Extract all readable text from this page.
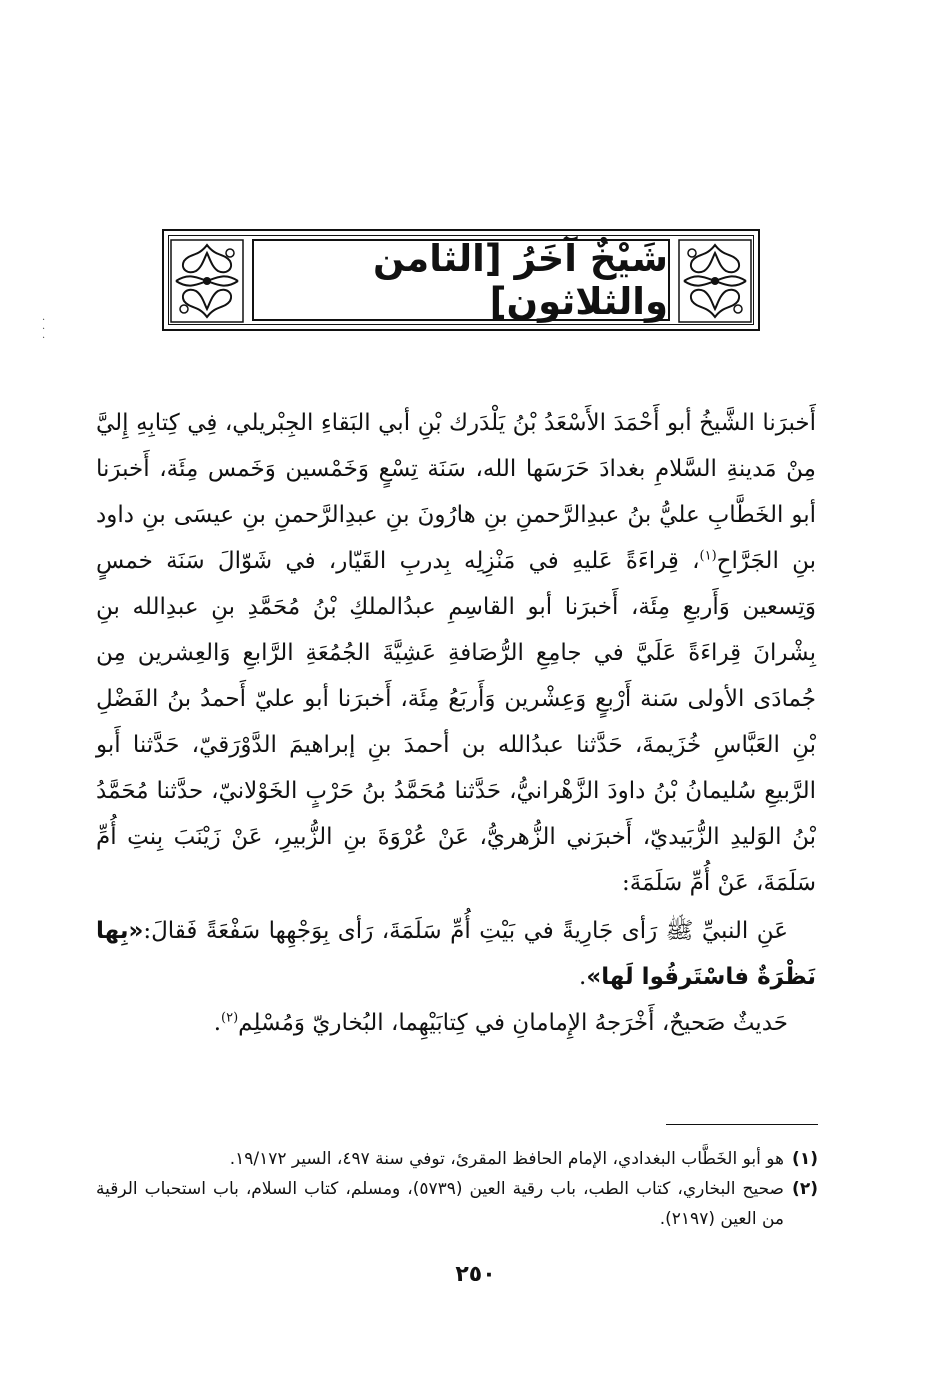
شَيْخٌ آخَرُ [الثامن والثلاثون]
·
·
·

أَخبرَنا الشَّيخُ أبو أَحْمَدَ الأَسْعَدُ بْنُ يَلْدَرك بْنِ أبي البَقاءِ الجِبْريلي، فِي كِتابِهِ إِليَّ مِنْ مَدينةِ السَّلامِ بغدادَ حَرَسَها الله، سَنَة تِسْعٍ وَخَمْسين وَخَمس مِئَة، أَخبرَنا أبو الخَطَّابِ عليُّ بنُ عبدِالرَّحمنِ بنِ هارُونَ بنِ عبدِالرَّحمنِ بنِ عيسَى بنِ داود بنِ الجَرَّاحِ$^{(١)}$، قِراءَةً عَليهِ في مَنْزِلِه بِدربِ القَيّار، في شَوّالَ سَنَة خمسٍ وَتِسعين وَأَربعِ مِئَة، أَخبرَنا أبو القاسِمِ عبدُالملكِ بْنُ مُحَمَّدِ بنِ عبدِالله بنِ بِشْرانَ قِراءَةً عَلَيَّ في جامِعِ الرُّصَافةِ عَشِيَّةَ الجُمُعَةِ الرَّابعِ وَالعِشرين مِن جُمادَى الأولى سَنة أَرْبعٍ وَعِشْرين وَأَربَعُ مِئَة، أَخبرَنا أبو عليّ أَحمدُ بنُ الفَضْلِ بْنِ العَبَّاسِ خُزَيمةَ، حَدَّثنا عبدُالله بن أحمدَ بنِ إبراهيمَ الدَّوْرَقيّ، حَدَّثنا أَبو الرَّبيعِ سُليمانُ بْنُ داودَ الزَّهْرانيُّ، حَدَّثنا مُحَمَّدُ بنُ حَرْبٍ الخَوْلانيّ، حدَّثنا مُحَمَّدُ بْنُ الوَليدِ الزُّبَيديّ، أَخبرَني الزُّهريُّ، عَنْ عُرْوَةَ بنِ الزُّبيرِ، عَنْ زَيْنَبَ بِنتِ أُمِّ سَلَمَةَ، عَنْ أُمِّ سَلَمَةَ:

عَنِ النبيِّ ﷺ رَأى جَارِيةً في بَيْتِ أُمِّ سَلَمَةَ، رَأى بِوَجْهِها سَفْعَةً فَقالَ:«بِها نَظْرَةٌ فاسْتَرقُوا لَها».

حَديثٌ صَحيحٌ، أَخْرَجهُ الإِمامانِ في كِتابَيْهِما، البُخاريّ وَمُسْلِم$^{(٢)}$.

(١)
هو أبو الخَطَّاب البغدادي، الإمام الحافظ المقرئ، توفي سنة ٤٩٧، السير ١٩/١٧٢.

(٢)
صحيح البخاري، كتاب الطب، باب رقية العين (٥٧٣٩)، ومسلم، كتاب السلام، باب استحباب الرقية من العين (٢١٩٧).

٢٥٠
